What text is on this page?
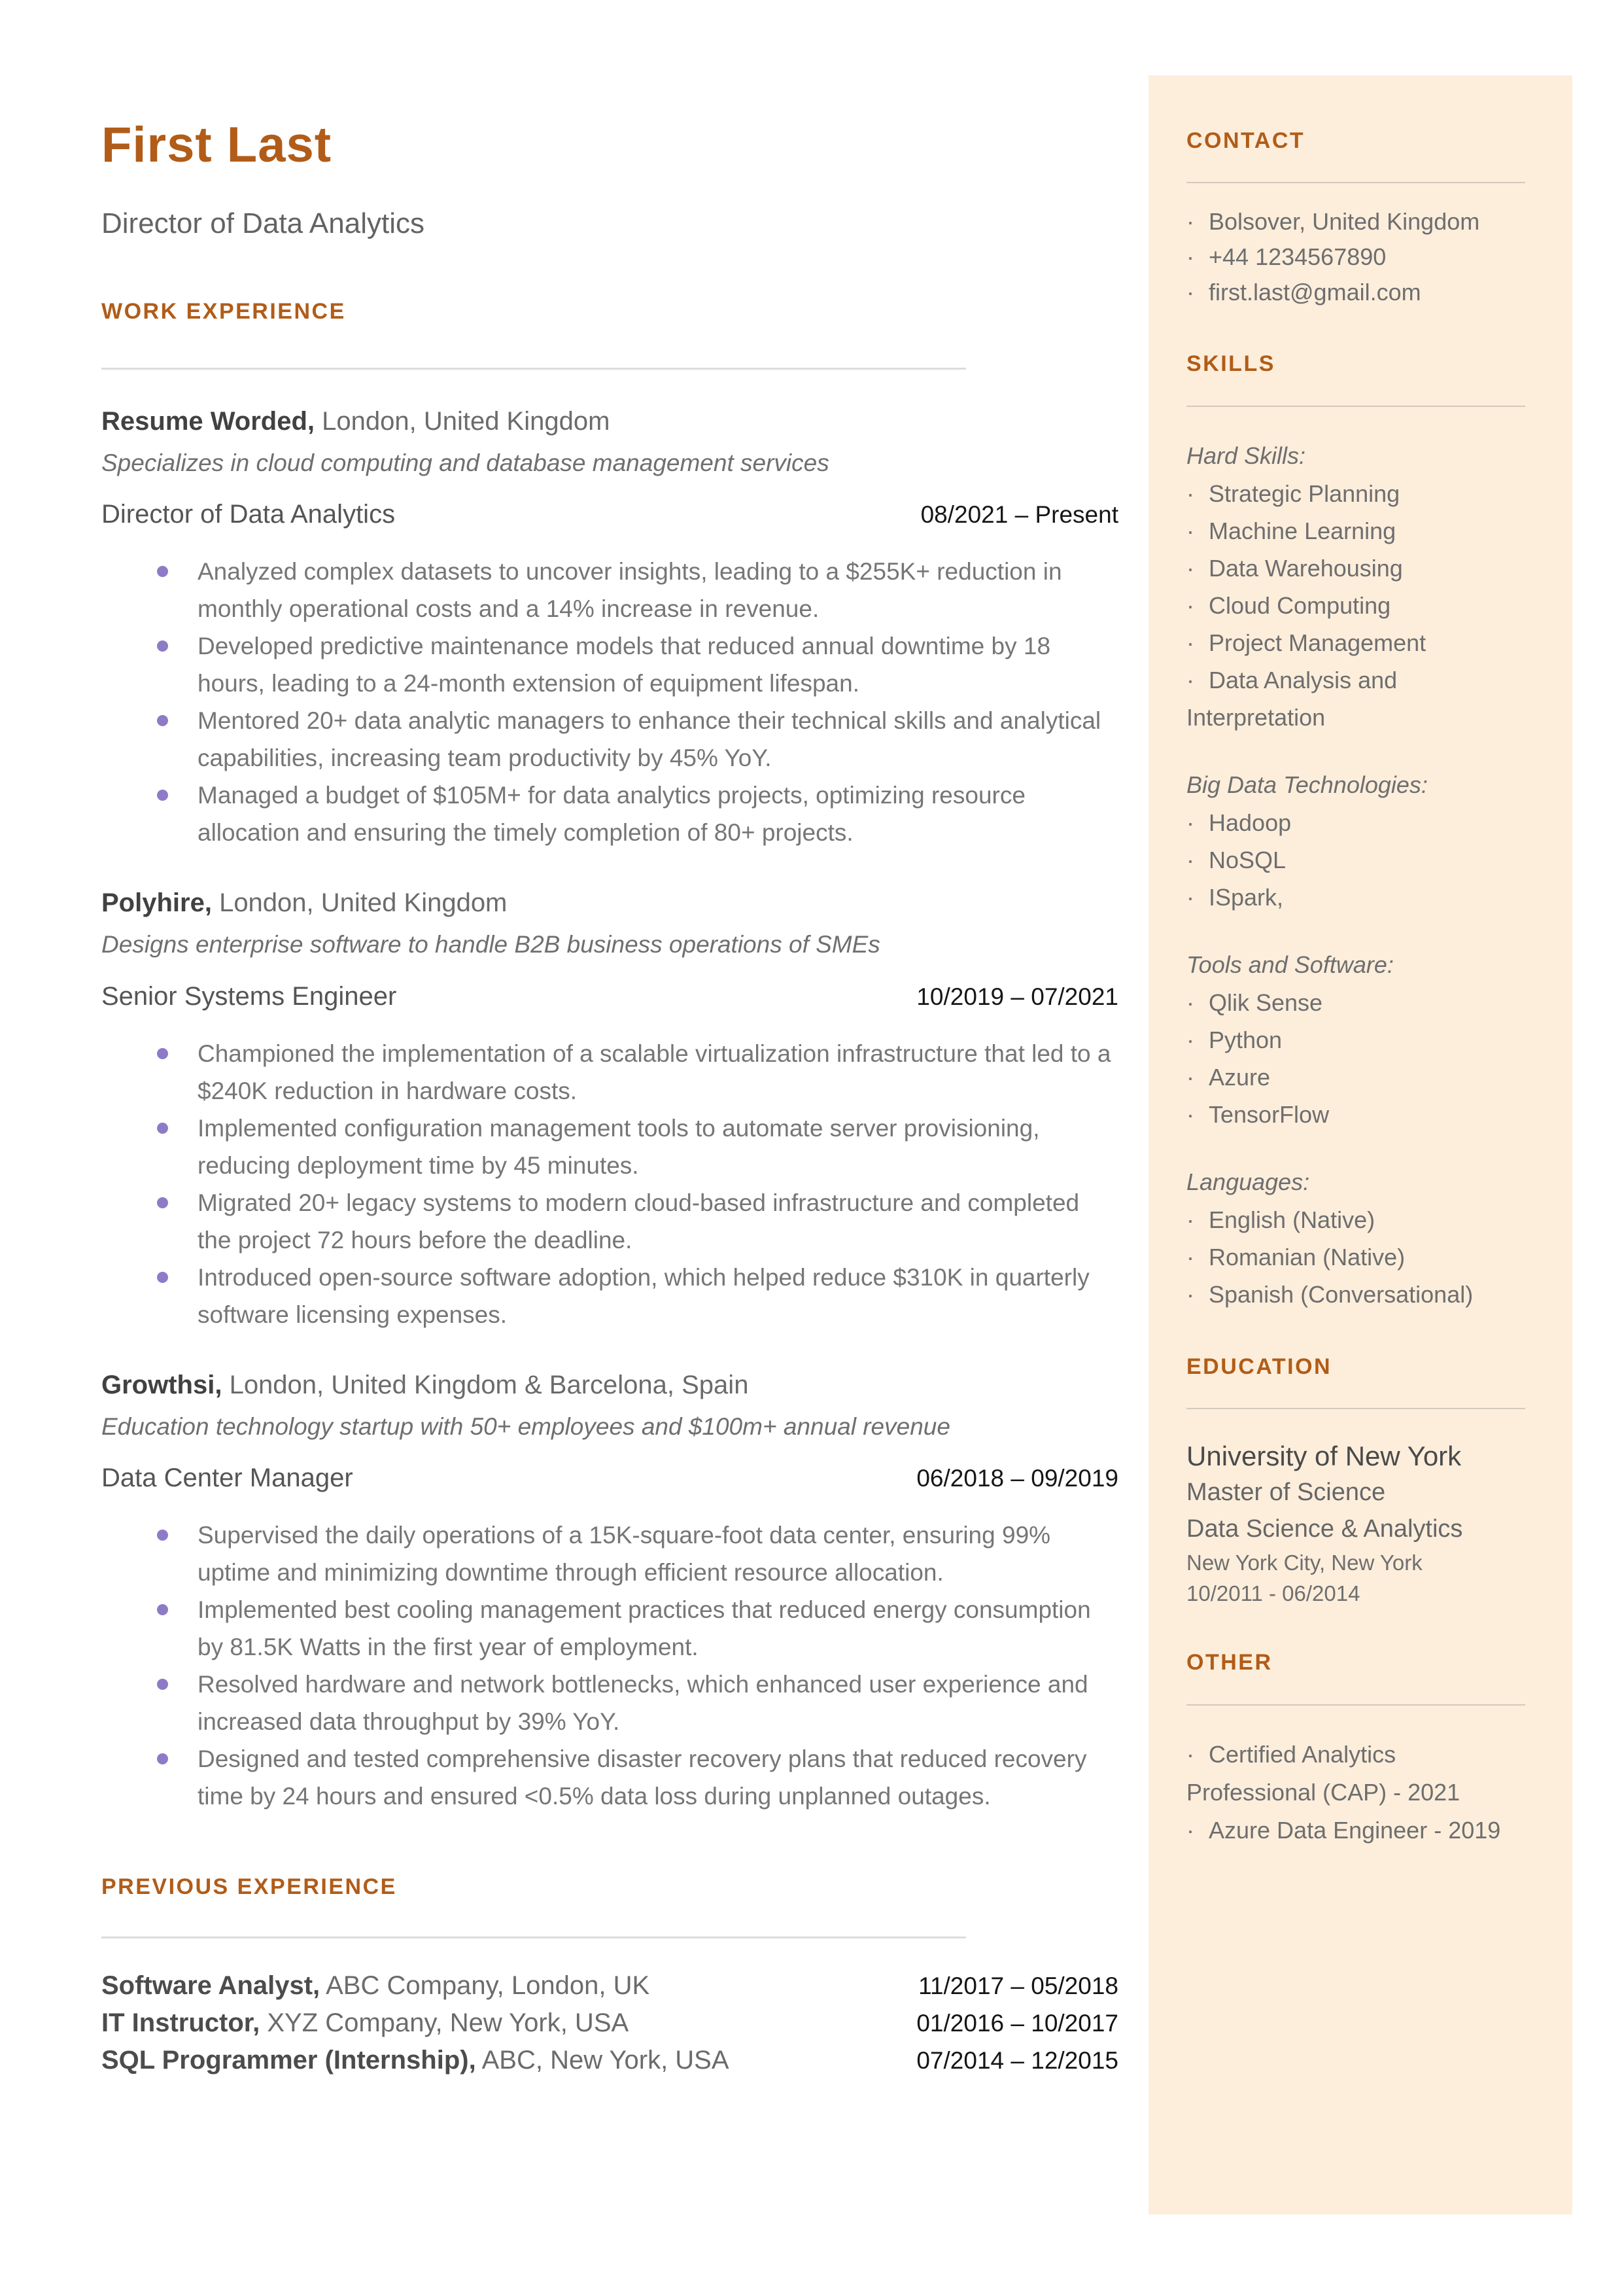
First Last
Director of Data Analytics
WORK EXPERIENCE
Resume Worded, London, United Kingdom
Specializes in cloud computing and database management services
Director of Data Analytics	08/2021 – Present
Analyzed complex datasets to uncover insights, leading to a $255K+ reduction in monthly operational costs and a 14% increase in revenue.
Developed predictive maintenance models that reduced annual downtime by 18 hours, leading to a 24-month extension of equipment lifespan.
Mentored 20+ data analytic managers to enhance their technical skills and analytical capabilities, increasing team productivity by 45% YoY.
Managed a budget of $105M+ for data analytics projects, optimizing resource allocation and ensuring the timely completion of 80+ projects.
Polyhire, London, United Kingdom
Designs enterprise software to handle B2B business operations of SMEs
Senior Systems Engineer	10/2019 – 07/2021
Championed the implementation of a scalable virtualization infrastructure that led to a $240K reduction in hardware costs.
Implemented configuration management tools to automate server provisioning, reducing deployment time by 45 minutes.
Migrated 20+ legacy systems to modern cloud-based infrastructure and completed the project 72 hours before the deadline.
Introduced open-source software adoption, which helped reduce $310K in quarterly software licensing expenses.
Growthsi, London, United Kingdom & Barcelona, Spain
Education technology startup with 50+ employees and $100m+ annual revenue
Data Center Manager	06/2018 – 09/2019
Supervised the daily operations of a 15K-square-foot data center, ensuring 99% uptime and minimizing downtime through efficient resource allocation.
Implemented best cooling management practices that reduced energy consumption by 81.5K Watts in the first year of employment.
Resolved hardware and network bottlenecks, which enhanced user experience and increased data throughput by 39% YoY.
Designed and tested comprehensive disaster recovery plans that reduced recovery time by 24 hours and ensured <0.5% data loss during unplanned outages.
PREVIOUS EXPERIENCE
Software Analyst, ABC Company, London, UK	11/2017 – 05/2018
IT Instructor, XYZ Company, New York, USA	01/2016 – 10/2017
SQL Programmer (Internship), ABC, New York, USA	07/2014 – 12/2015
CONTACT
· Bolsover, United Kingdom
· +44 1234567890
· first.last@gmail.com
SKILLS
Hard Skills:
· Strategic Planning
· Machine Learning
· Data Warehousing
· Cloud Computing
· Project Management
· Data Analysis and Interpretation
Big Data Technologies:
· Hadoop
· NoSQL
· ISpark,
Tools and Software:
· Qlik Sense
· Python
· Azure
· TensorFlow
Languages:
· English (Native)
· Romanian (Native)
· Spanish (Conversational)
EDUCATION
University of New York
Master of Science
Data Science & Analytics
New York City, New York
10/2011 - 06/2014
OTHER
· Certified Analytics Professional (CAP) - 2021
· Azure Data Engineer - 2019
